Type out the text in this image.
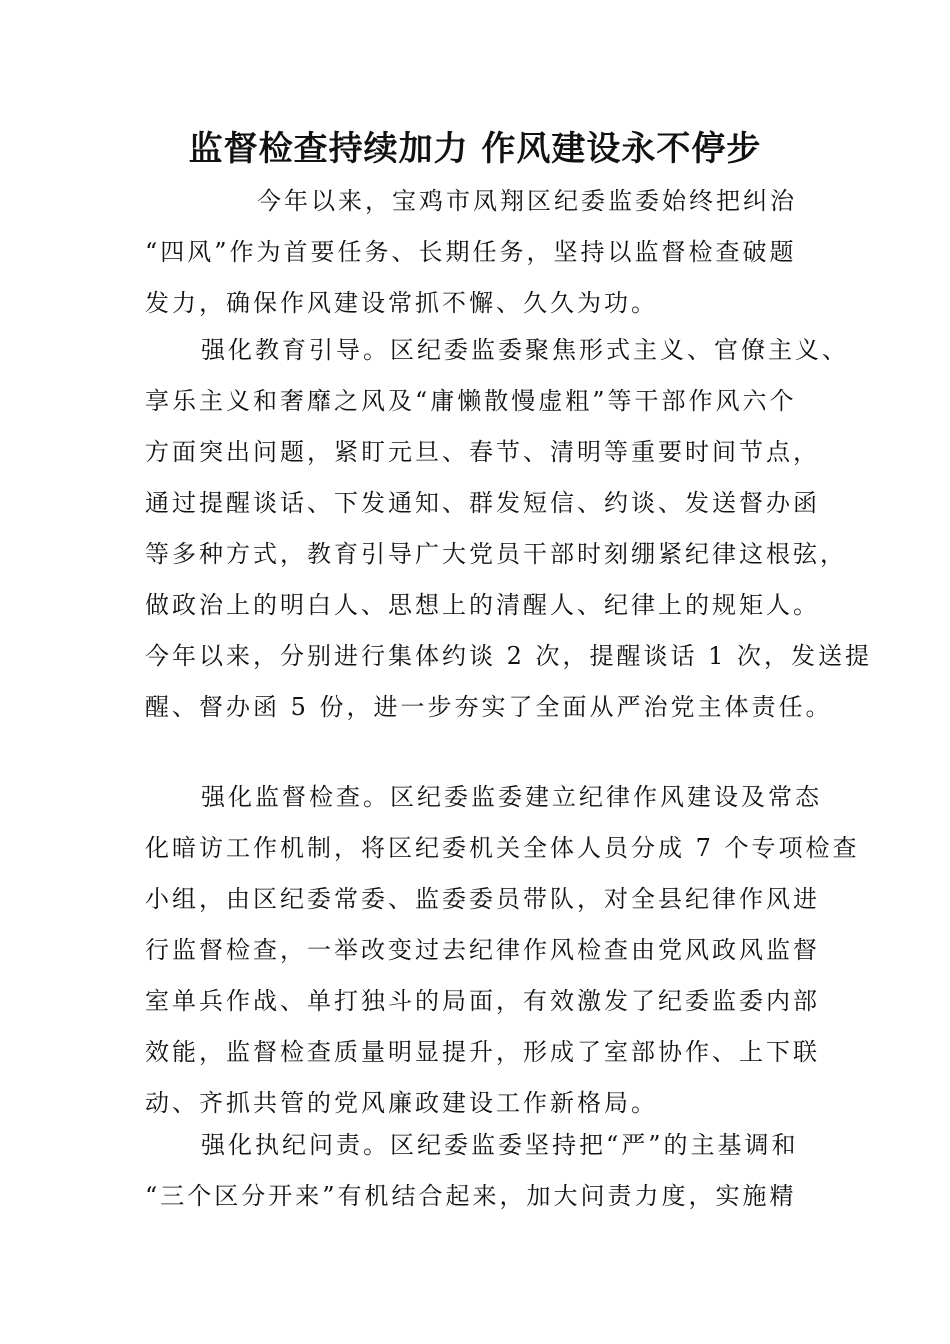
监督检查持续加力 作风建设永不停步
今年以来，宝鸡市凤翔区纪委监委始终把纠治
“四风”作为首要任务、长期任务，坚持以监督检查破题
发力，确保作风建设常抓不懈、久久为功。
强化教育引导。区纪委监委聚焦形式主义、官僚主义、
享乐主义和奢靡之风及“庸懒散慢虚粗”等干部作风六个
方面突出问题，紧盯元旦、春节、清明等重要时间节点，
通过提醒谈话、下发通知、群发短信、约谈、发送督办函
等多种方式，教育引导广大党员干部时刻绷紧纪律这根弦，
做政治上的明白人、思想上的清醒人、纪律上的规矩人。
今年以来，分别进行集体约谈 2 次，提醒谈话 1 次，发送提
醒、督办函 5 份，进一步夯实了全面从严治党主体责任。
强化监督检查。区纪委监委建立纪律作风建设及常态
化暗访工作机制，将区纪委机关全体人员分成 7 个专项检查
小组，由区纪委常委、监委委员带队，对全县纪律作风进
行监督检查，一举改变过去纪律作风检查由党风政风监督
室单兵作战、单打独斗的局面，有效激发了纪委监委内部
效能，监督检查质量明显提升，形成了室部协作、上下联
动、齐抓共管的党风廉政建设工作新格局。
强化执纪问责。区纪委监委坚持把“严”的主基调和
“三个区分开来”有机结合起来，加大问责力度，实施精
